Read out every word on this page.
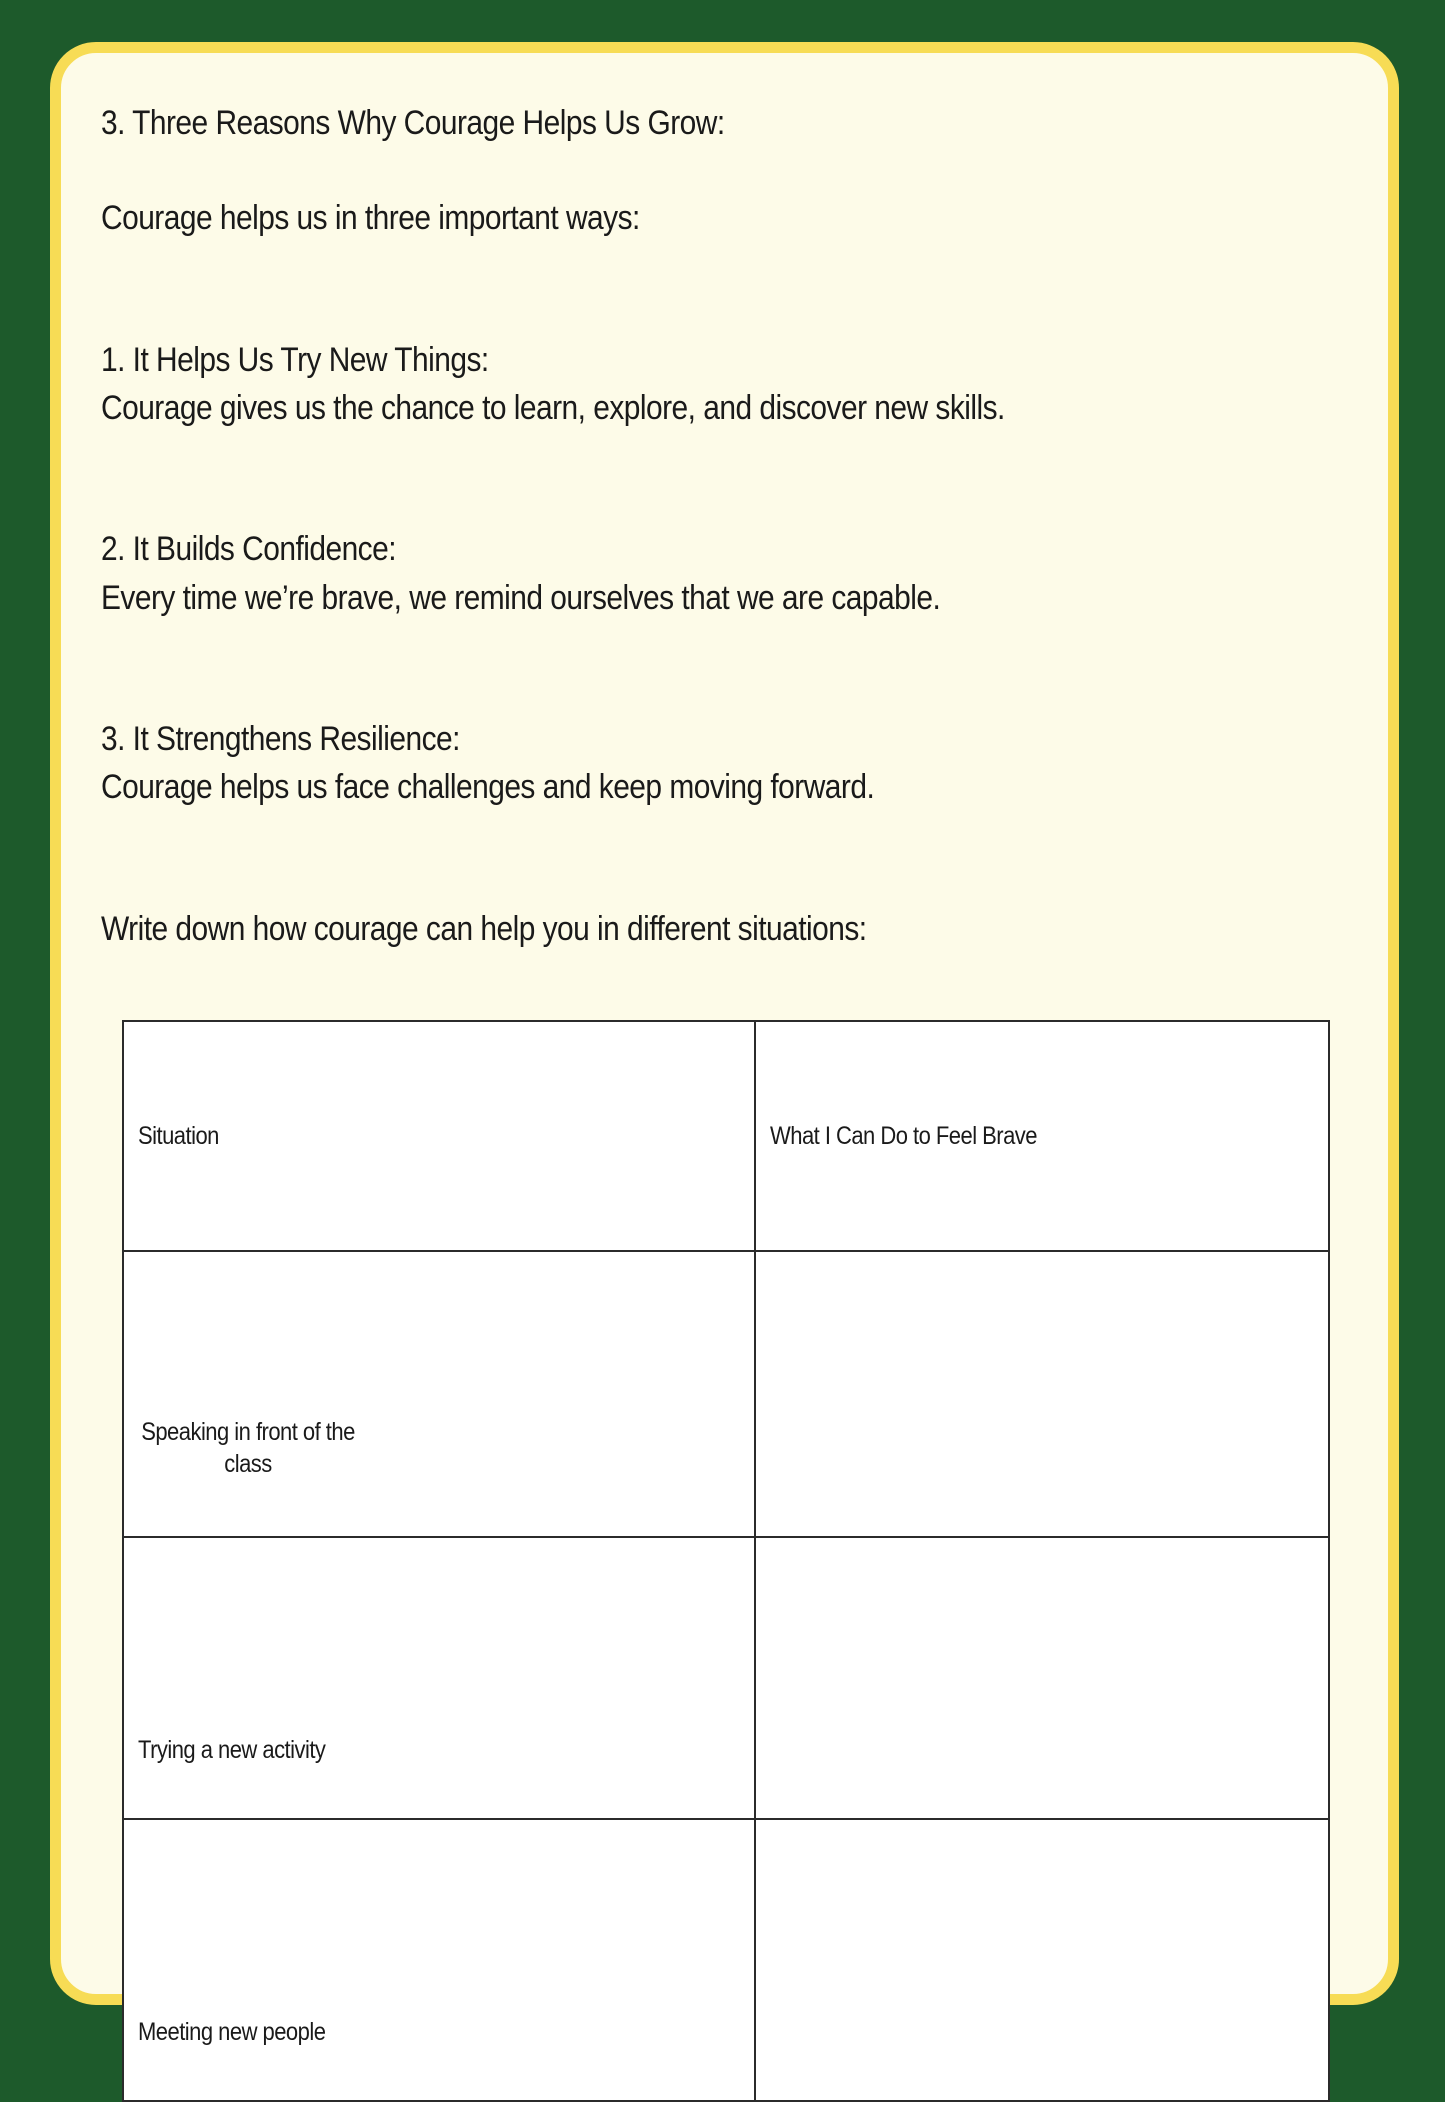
3. Three Reasons Why Courage Helps Us Grow:

Courage helps us in three important ways:

1. It Helps Us Try New Things:

Courage gives us the chance to learn, explore, and discover new skills.

2. It Builds Confidence:

Every time we’re brave, we remind ourselves that we are capable.

3. It Strengthens Resilience:

Courage helps us face challenges and keep moving forward.

Write down how courage can help you in different situations:

Situation	What I Can Do to Feel Brave
Speaking in front of the class	
Trying a new activity	
Meeting new people	
